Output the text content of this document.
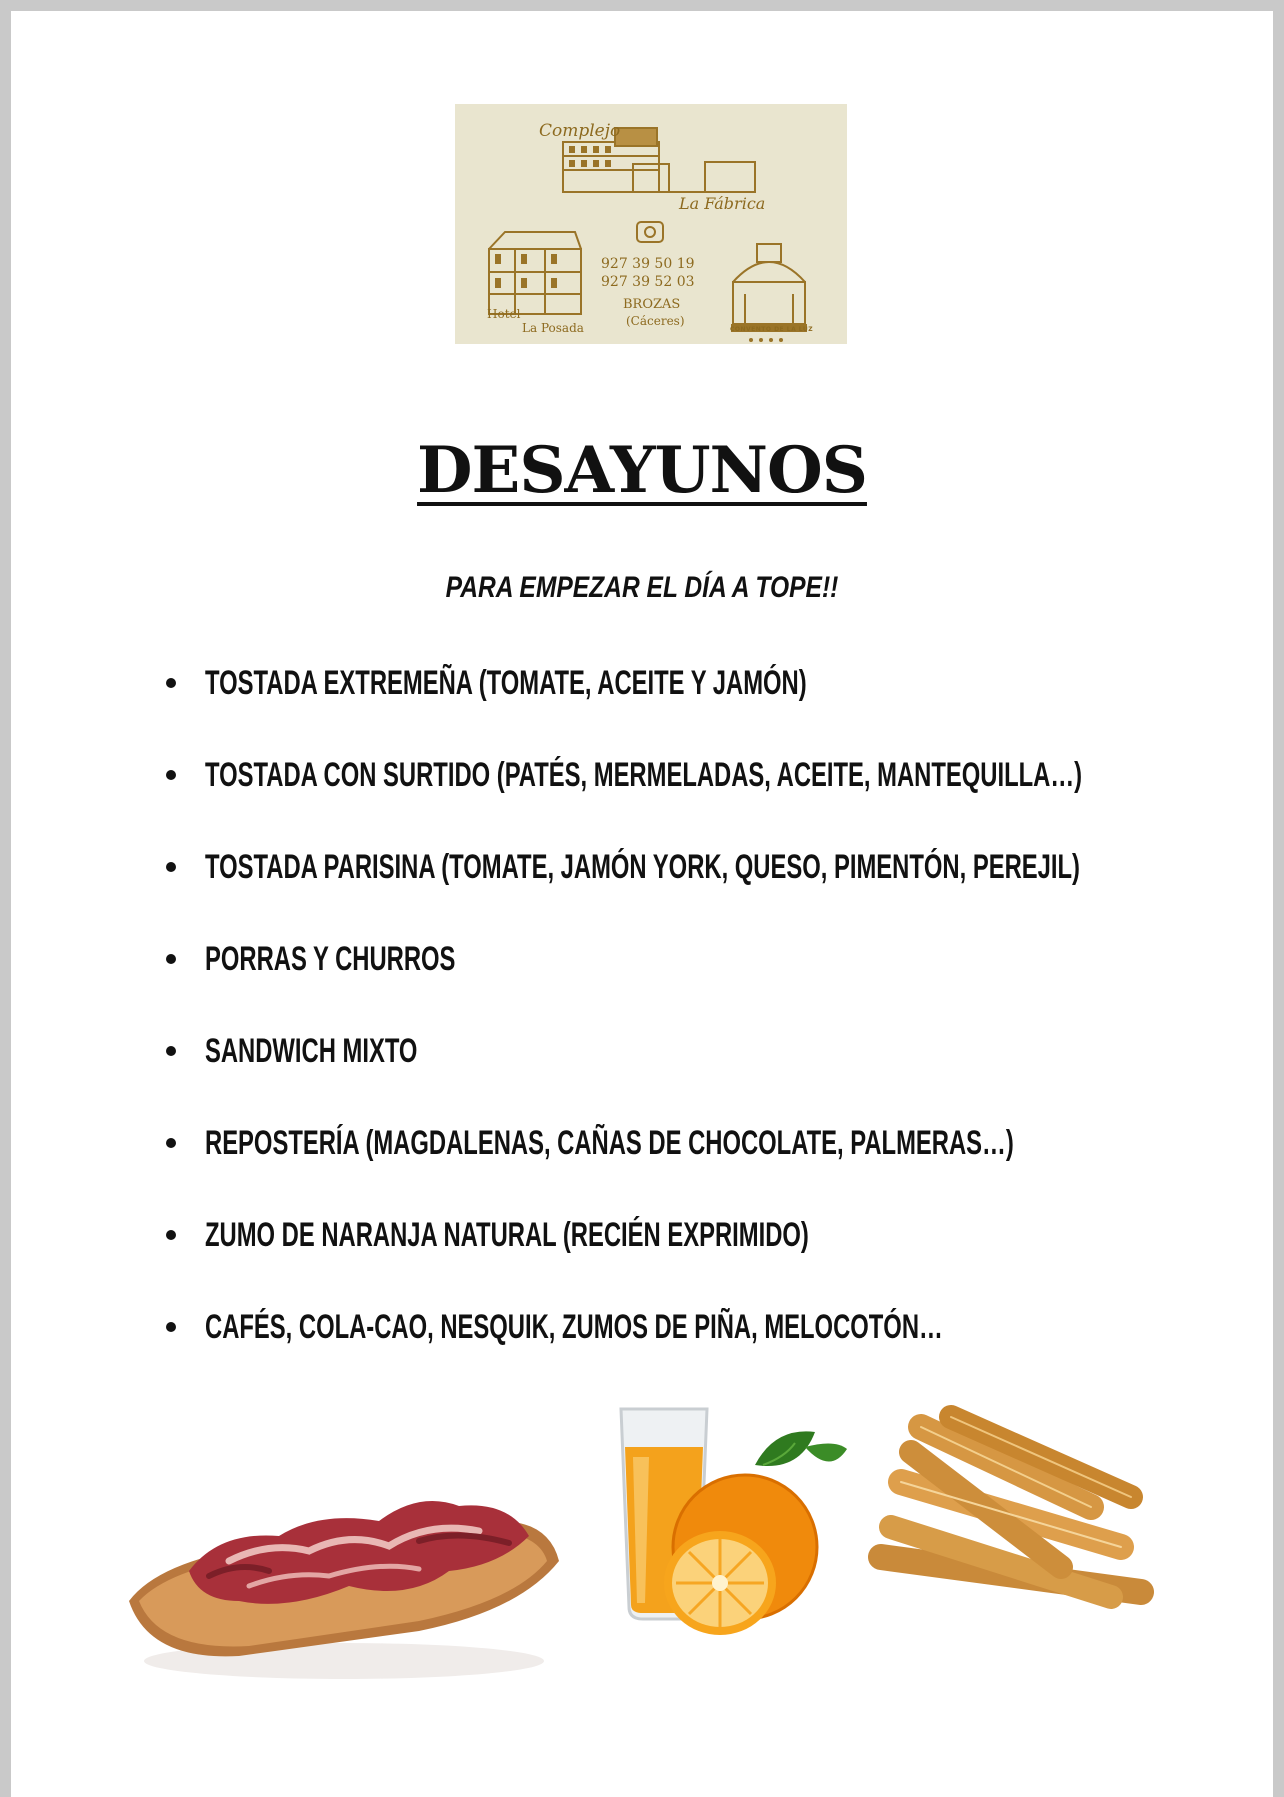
Complejo
La Fábrica
927 39 50 19
927 39 52 03
BROZAS
(Cáceres)
Hotel
La Posada	CONVENTO DE LA LUZ
DESAYUNOS
PARA EMPEZAR EL DÍA A TOPE!!
TOSTADA EXTREMEÑA (TOMATE, ACEITE Y JAMÓN)
TOSTADA CON SURTIDO (PATÉS, MERMELADAS, ACEITE, MANTEQUILLA…)
TOSTADA PARISINA (TOMATE, JAMÓN YORK, QUESO, PIMENTÓN, PEREJIL)
PORRAS Y CHURROS
SANDWICH MIXTO
REPOSTERÍA (MAGDALENAS, CAÑAS DE CHOCOLATE, PALMERAS…)
ZUMO DE NARANJA NATURAL (RECIÉN EXPRIMIDO)
CAFÉS, COLA-CAO, NESQUIK, ZUMOS DE PIÑA, MELOCOTÓN…
